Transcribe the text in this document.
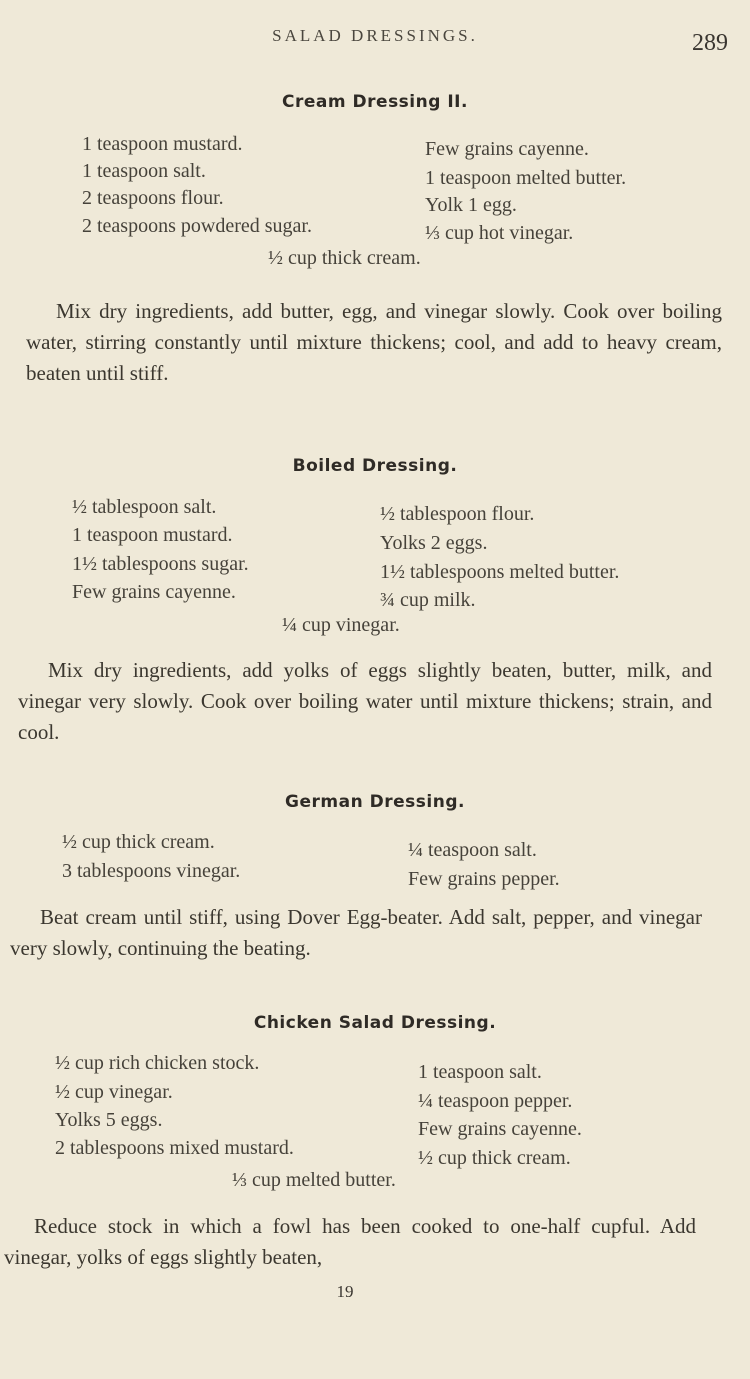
SALAD DRESSINGS.	289
Cream Dressing II.
1 teaspoon mustard.
1 teaspoon salt.
2 teaspoons flour.
2 teaspoons powdered sugar.
Few grains cayenne.
1 teaspoon melted butter.
Yolk 1 egg.
⅓ cup hot vinegar.
½ cup thick cream.
Mix dry ingredients, add butter, egg, and vinegar slowly. Cook over boiling water, stirring constantly until mixture thickens; cool, and add to heavy cream, beaten until stiff.
Boiled Dressing.
½ tablespoon salt.
1 teaspoon mustard.
1½ tablespoons sugar.
Few grains cayenne.
½ tablespoon flour.
Yolks 2 eggs.
1½ tablespoons melted butter.
¾ cup milk.
¼ cup vinegar.
Mix dry ingredients, add yolks of eggs slightly beaten, butter, milk, and vinegar very slowly. Cook over boiling water until mixture thickens; strain, and cool.
German Dressing.
½ cup thick cream.
3 tablespoons vinegar.
¼ teaspoon salt.
Few grains pepper.
Beat cream until stiff, using Dover Egg-beater. Add salt, pepper, and vinegar very slowly, continuing the beating.
Chicken Salad Dressing.
½ cup rich chicken stock.
½ cup vinegar.
Yolks 5 eggs.
2 tablespoons mixed mustard.
1 teaspoon salt.
¼ teaspoon pepper.
Few grains cayenne.
½ cup thick cream.
⅓ cup melted butter.
Reduce stock in which a fowl has been cooked to one-half cupful. Add vinegar, yolks of eggs slightly beaten,
19
